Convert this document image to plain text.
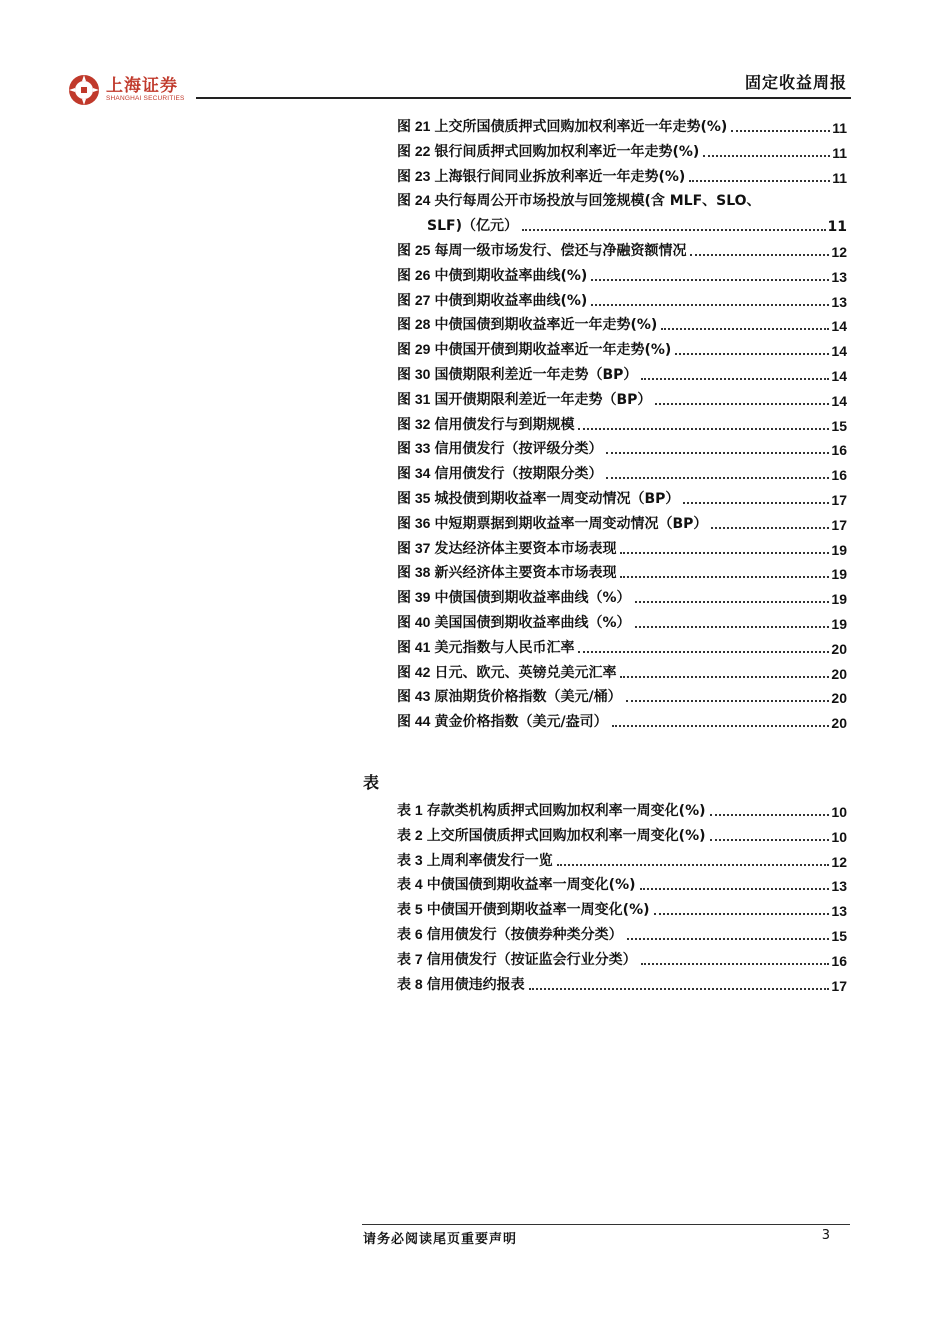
上海证券
SHANGHAI SECURITIES
固定收益周报
图 21 上交所国债质押式回购加权利率近一年走势(%)	11
图 22 银行间质押式回购加权利率近一年走势(%)	11
图 23 上海银行间同业拆放利率近一年走势(%)	11
图 24 央行每周公开市场投放与回笼规模(含 MLF、SLO、
SLF)（亿元）	11
图 25 每周一级市场发行、偿还与净融资额情况	12
图 26 中债到期收益率曲线(%)	13
图 27 中债到期收益率曲线(%)	13
图 28 中债国债到期收益率近一年走势(%)	14
图 29 中债国开债到期收益率近一年走势(%)	14
图 30 国债期限利差近一年走势（BP）	14
图 31 国开债期限利差近一年走势（BP）	14
图 32 信用债发行与到期规模	15
图 33 信用债发行（按评级分类）	16
图 34 信用债发行（按期限分类）	16
图 35 城投债到期收益率一周变动情况（BP）	17
图 36 中短期票据到期收益率一周变动情况（BP）	17
图 37 发达经济体主要资本市场表现	19
图 38 新兴经济体主要资本市场表现	19
图 39 中债国债到期收益率曲线（%）	19
图 40 美国国债到期收益率曲线（%）	19
图 41 美元指数与人民币汇率	20
图 42 日元、欧元、英镑兑美元汇率	20
图 43 原油期货价格指数（美元/桶）	20
图 44 黄金价格指数（美元/盎司）	20
表
表 1 存款类机构质押式回购加权利率一周变化(%)	10
表 2 上交所国债质押式回购加权利率一周变化(%)	10
表 3 上周利率债发行一览	12
表 4 中债国债到期收益率一周变化(%)	13
表 5 中债国开债到期收益率一周变化(%)	13
表 6 信用债发行（按债券种类分类）	15
表 7 信用债发行（按证监会行业分类）	16
表 8 信用债违约报表	17
请务必阅读尾页重要声明	3
